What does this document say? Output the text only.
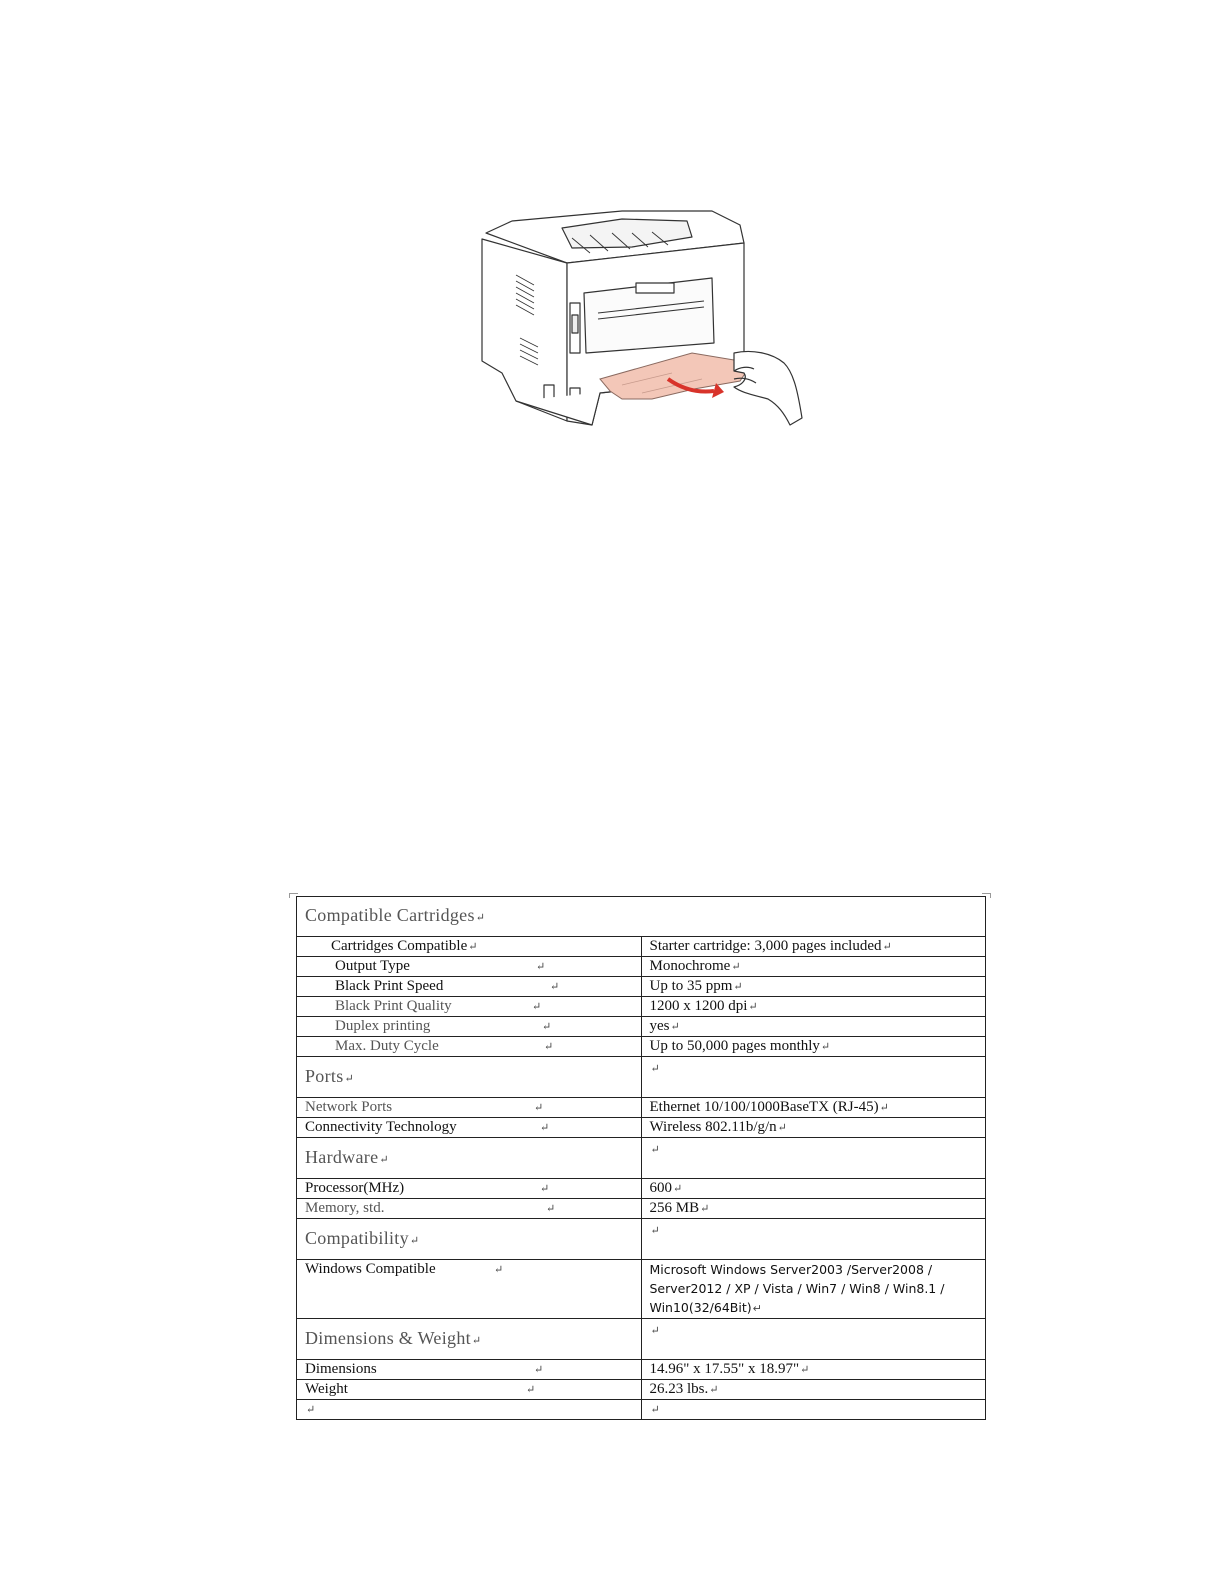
Compatible Cartridges↵	
Cartridges Compatible↵	Starter cartridge: 3,000 pages included↵
Output Type ↵	Monochrome↵
Black Print Speed ↵	Up to 35 ppm↵
Black Print Quality ↵	1200 x 1200 dpi↵
Duplex printing ↵	yes↵
Max. Duty Cycle ↵	Up to 50,000 pages monthly↵
Ports↵	↵
Network Ports ↵	Ethernet 10/100/1000BaseTX (RJ-45)↵
Connectivity Technology ↵	Wireless 802.11b/g/n↵
Hardware↵	↵
Processor(MHz) ↵	600↵
Memory, std. ↵	256 MB↵
Compatibility↵	↵
Windows Compatible ↵	Microsoft Windows Server2003 /Server2008 / Server2012 / XP / Vista / Win7 / Win8 / Win8.1 / Win10(32/64Bit)↵
Dimensions & Weight↵	↵
Dimensions ↵	14.96" x 17.55" x 18.97"↵
Weight ↵	26.23 lbs.↵
↵	↵
